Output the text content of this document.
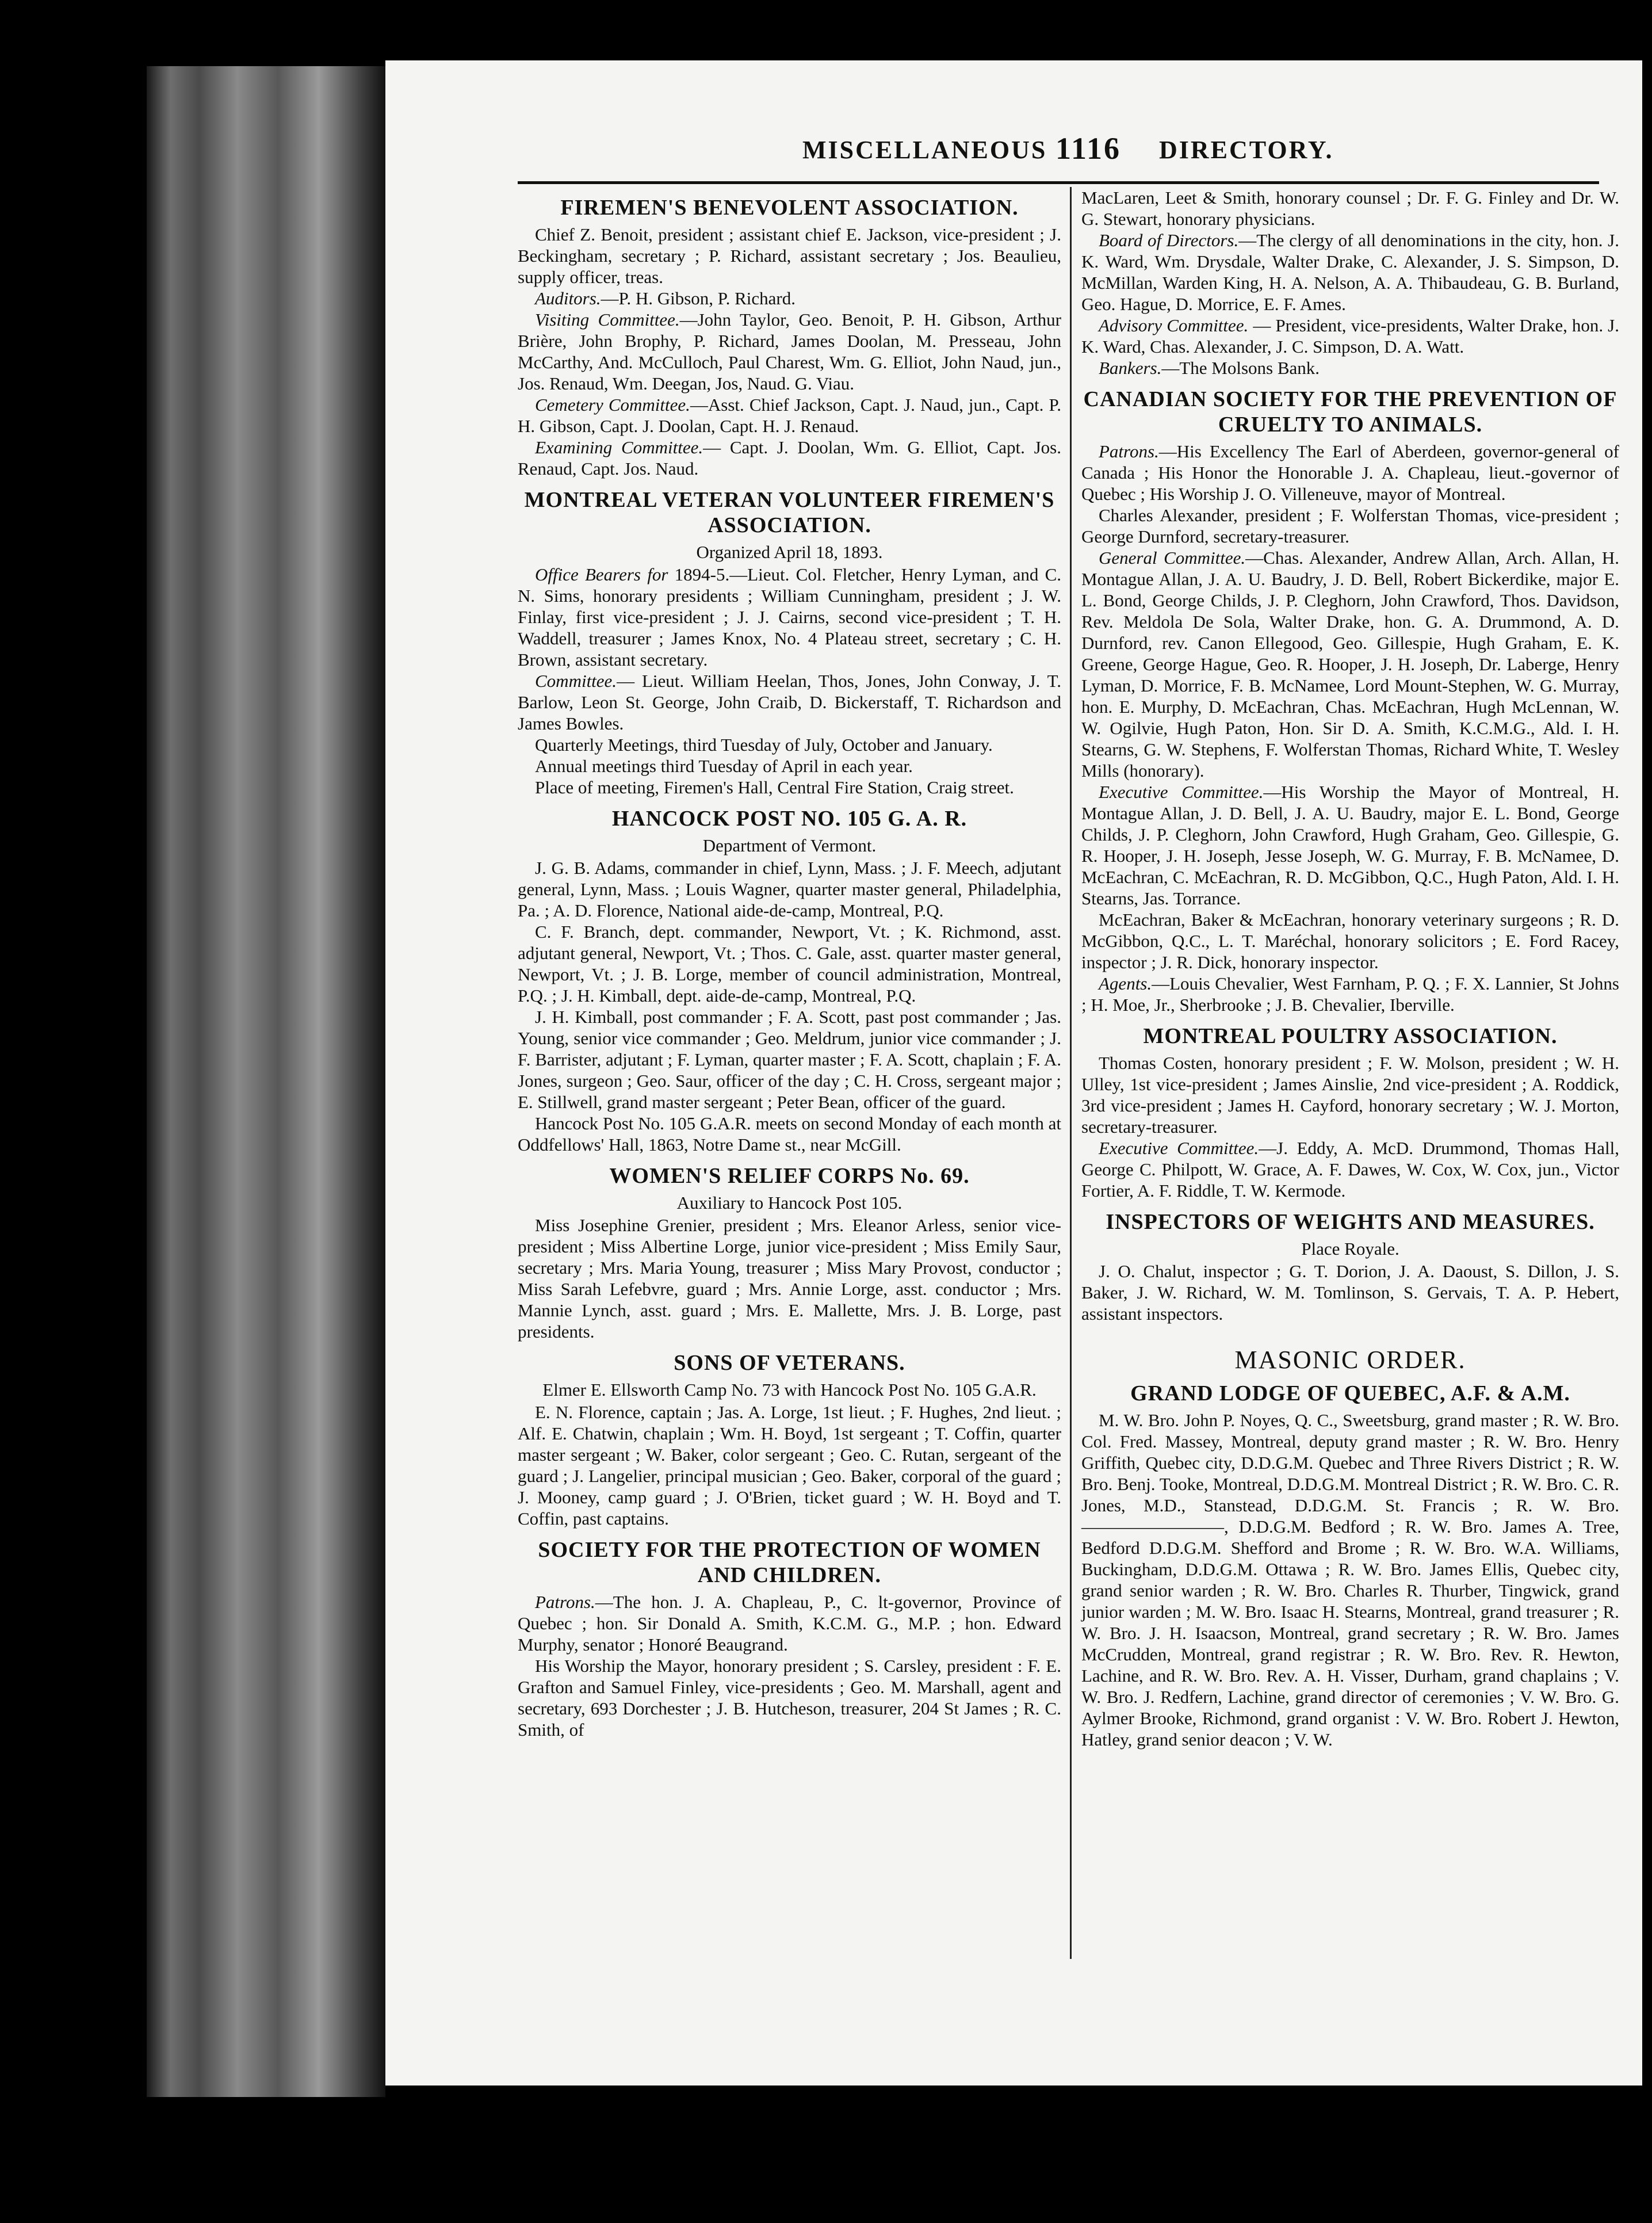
MISCELLANEOUS 1116 DIRECTORY.
FIREMEN'S BENEVOLENT ASSOCIATION.

Chief Z. Benoit, president ; assistant chief E. Jackson, vice-president ; J. Beckingham, secretary ; P. Richard, assistant secretary ; Jos. Beaulieu, supply officer, treas.

Auditors.—P. H. Gibson, P. Richard.

Visiting Committee.—John Taylor, Geo. Benoit, P. H. Gibson, Arthur Brière, John Brophy, P. Richard, James Doolan, M. Presseau, John McCarthy, And. McCulloch, Paul Charest, Wm. G. Elliot, John Naud, jun., Jos. Renaud, Wm. Deegan, Jos, Naud. G. Viau.

Cemetery Committee.—Asst. Chief Jackson, Capt. J. Naud, jun., Capt. P. H. Gibson, Capt. J. Doolan, Capt. H. J. Renaud.

Examining Committee.— Capt. J. Doolan, Wm. G. Elliot, Capt. Jos. Renaud, Capt. Jos. Naud.

MONTREAL VETERAN VOLUNTEER FIREMEN'S ASSOCIATION.
Organized April 18, 1893.

Office Bearers for 1894-5.—Lieut. Col. Fletcher, Henry Lyman, and C. N. Sims, honorary presidents ; William Cunningham, president ; J. W. Finlay, first vice-president ; J. J. Cairns, second vice-president ; T. H. Waddell, treasurer ; James Knox, No. 4 Plateau street, secretary ; C. H. Brown, assistant secretary.

Committee.— Lieut. William Heelan, Thos, Jones, John Conway, J. T. Barlow, Leon St. George, John Craib, D. Bickerstaff, T. Richardson and James Bowles.

Quarterly Meetings, third Tuesday of July, October and January.

Annual meetings third Tuesday of April in each year.

Place of meeting, Firemen's Hall, Central Fire Station, Craig street.

HANCOCK POST NO. 105 G. A. R.
Department of Vermont.

J. G. B. Adams, commander in chief, Lynn, Mass. ; J. F. Meech, adjutant general, Lynn, Mass. ; Louis Wagner, quarter master general, Philadelphia, Pa. ; A. D. Florence, National aide-de-camp, Montreal, P.Q.

C. F. Branch, dept. commander, Newport, Vt. ; K. Richmond, asst. adjutant general, Newport, Vt. ; Thos. C. Gale, asst. quarter master general, Newport, Vt. ; J. B. Lorge, member of council administration, Montreal, P.Q. ; J. H. Kimball, dept. aide-de-camp, Montreal, P.Q.

J. H. Kimball, post commander ; F. A. Scott, past post commander ; Jas. Young, senior vice commander ; Geo. Meldrum, junior vice commander ; J. F. Barrister, adjutant ; F. Lyman, quarter master ; F. A. Scott, chaplain ; F. A. Jones, surgeon ; Geo. Saur, officer of the day ; C. H. Cross, sergeant major ; E. Stillwell, grand master sergeant ; Peter Bean, officer of the guard.

Hancock Post No. 105 G.A.R. meets on second Monday of each month at Oddfellows' Hall, 1863, Notre Dame st., near McGill.

WOMEN'S RELIEF CORPS No. 69.
Auxiliary to Hancock Post 105.

Miss Josephine Grenier, president ; Mrs. Eleanor Arless, senior vice-president ; Miss Albertine Lorge, junior vice-president ; Miss Emily Saur, secretary ; Mrs. Maria Young, treasurer ; Miss Mary Provost, conductor ; Miss Sarah Lefebvre, guard ; Mrs. Annie Lorge, asst. conductor ; Mrs. Mannie Lynch, asst. guard ; Mrs. E. Mallette, Mrs. J. B. Lorge, past presidents.

SONS OF VETERANS.
Elmer E. Ellsworth Camp No. 73 with Hancock Post No. 105 G.A.R.

E. N. Florence, captain ; Jas. A. Lorge, 1st lieut. ; F. Hughes, 2nd lieut. ; Alf. E. Chatwin, chaplain ; Wm. H. Boyd, 1st sergeant ; T. Coffin, quarter master sergeant ; W. Baker, color sergeant ; Geo. C. Rutan, sergeant of the guard ; J. Langelier, principal musician ; Geo. Baker, corporal of the guard ; J. Mooney, camp guard ; J. O'Brien, ticket guard ; W. H. Boyd and T. Coffin, past captains.

SOCIETY FOR THE PROTECTION OF WOMEN AND CHILDREN.

Patrons.—The hon. J. A. Chapleau, P., C. lt-governor, Province of Quebec ; hon. Sir Donald A. Smith, K.C.M. G., M.P. ; hon. Edward Murphy, senator ; Honoré Beaugrand.

His Worship the Mayor, honorary president ; S. Carsley, president : F. E. Grafton and Samuel Finley, vice-presidents ; Geo. M. Marshall, agent and secretary, 693 Dorchester ; J. B. Hutcheson, treasurer, 204 St James ; R. C. Smith, of

MacLaren, Leet & Smith, honorary counsel ; Dr. F. G. Finley and Dr. W. G. Stewart, honorary physicians.

Board of Directors.—The clergy of all denominations in the city, hon. J. K. Ward, Wm. Drysdale, Walter Drake, C. Alexander, J. S. Simpson, D. McMillan, Warden King, H. A. Nelson, A. A. Thibaudeau, G. B. Burland, Geo. Hague, D. Morrice, E. F. Ames.

Advisory Committee. — President, vice-presidents, Walter Drake, hon. J. K. Ward, Chas. Alexander, J. C. Simpson, D. A. Watt.

Bankers.—The Molsons Bank.

CANADIAN SOCIETY FOR THE PREVENTION OF CRUELTY TO ANIMALS.

Patrons.—His Excellency The Earl of Aberdeen, governor-general of Canada ; His Honor the Honorable J. A. Chapleau, lieut.-governor of Quebec ; His Worship J. O. Villeneuve, mayor of Montreal.

Charles Alexander, president ; F. Wolferstan Thomas, vice-president ; George Durnford, secretary-treasurer.

General Committee.—Chas. Alexander, Andrew Allan, Arch. Allan, H. Montague Allan, J. A. U. Baudry, J. D. Bell, Robert Bickerdike, major E. L. Bond, George Childs, J. P. Cleghorn, John Crawford, Thos. Davidson, Rev. Meldola De Sola, Walter Drake, hon. G. A. Drummond, A. D. Durnford, rev. Canon Ellegood, Geo. Gillespie, Hugh Graham, E. K. Greene, George Hague, Geo. R. Hooper, J. H. Joseph, Dr. Laberge, Henry Lyman, D. Morrice, F. B. McNamee, Lord Mount-Stephen, W. G. Murray, hon. E. Murphy, D. McEachran, Chas. McEachran, Hugh McLennan, W. W. Ogilvie, Hugh Paton, Hon. Sir D. A. Smith, K.C.M.G., Ald. I. H. Stearns, G. W. Stephens, F. Wolferstan Thomas, Richard White, T. Wesley Mills (honorary).

Executive Committee.—His Worship the Mayor of Montreal, H. Montague Allan, J. D. Bell, J. A. U. Baudry, major E. L. Bond, George Childs, J. P. Cleghorn, John Crawford, Hugh Graham, Geo. Gillespie, G. R. Hooper, J. H. Joseph, Jesse Joseph, W. G. Murray, F. B. McNamee, D. McEachran, C. McEachran, R. D. McGibbon, Q.C., Hugh Paton, Ald. I. H. Stearns, Jas. Torrance.

McEachran, Baker & McEachran, honorary veterinary surgeons ; R. D. McGibbon, Q.C., L. T. Maréchal, honorary solicitors ; E. Ford Racey, inspector ; J. R. Dick, honorary inspector.

Agents.—Louis Chevalier, West Farnham, P. Q. ; F. X. Lannier, St Johns ; H. Moe, Jr., Sherbrooke ; J. B. Chevalier, Iberville.

MONTREAL POULTRY ASSOCIATION.

Thomas Costen, honorary president ; F. W. Molson, president ; W. H. Ulley, 1st vice-president ; James Ainslie, 2nd vice-president ; A. Roddick, 3rd vice-president ; James H. Cayford, honorary secretary ; W. J. Morton, secretary-treasurer.

Executive Committee.—J. Eddy, A. McD. Drummond, Thomas Hall, George C. Philpott, W. Grace, A. F. Dawes, W. Cox, W. Cox, jun., Victor Fortier, A. F. Riddle, T. W. Kermode.

INSPECTORS OF WEIGHTS AND MEASURES.
Place Royale.

J. O. Chalut, inspector ; G. T. Dorion, J. A. Daoust, S. Dillon, J. S. Baker, J. W. Richard, W. M. Tomlinson, S. Gervais, T. A. P. Hebert, assistant inspectors.

MASONIC ORDER.
GRAND LODGE OF QUEBEC, A.F. & A.M.

M. W. Bro. John P. Noyes, Q. C., Sweetsburg, grand master ; R. W. Bro. Col. Fred. Massey, Montreal, deputy grand master ; R. W. Bro. Henry Griffith, Quebec city, D.D.G.M. Quebec and Three Rivers District ; R. W. Bro. Benj. Tooke, Montreal, D.D.G.M. Montreal District ; R. W. Bro. C. R. Jones, M.D., Stanstead, D.D.G.M. St. Francis ; R. W. Bro. ————————, D.D.G.M. Bedford ; R. W. Bro. James A. Tree, Bedford D.D.G.M. Shefford and Brome ; R. W. Bro. W.A. Williams, Buckingham, D.D.G.M. Ottawa ; R. W. Bro. James Ellis, Quebec city, grand senior warden ; R. W. Bro. Charles R. Thurber, Tingwick, grand junior warden ; M. W. Bro. Isaac H. Stearns, Montreal, grand treasurer ; R. W. Bro. J. H. Isaacson, Montreal, grand secretary ; R. W. Bro. James McCrudden, Montreal, grand registrar ; R. W. Bro. Rev. R. Hewton, Lachine, and R. W. Bro. Rev. A. H. Visser, Durham, grand chaplains ; V. W. Bro. J. Redfern, Lachine, grand director of ceremonies ; V. W. Bro. G. Aylmer Brooke, Richmond, grand organist : V. W. Bro. Robert J. Hewton, Hatley, grand senior deacon ; V. W.
